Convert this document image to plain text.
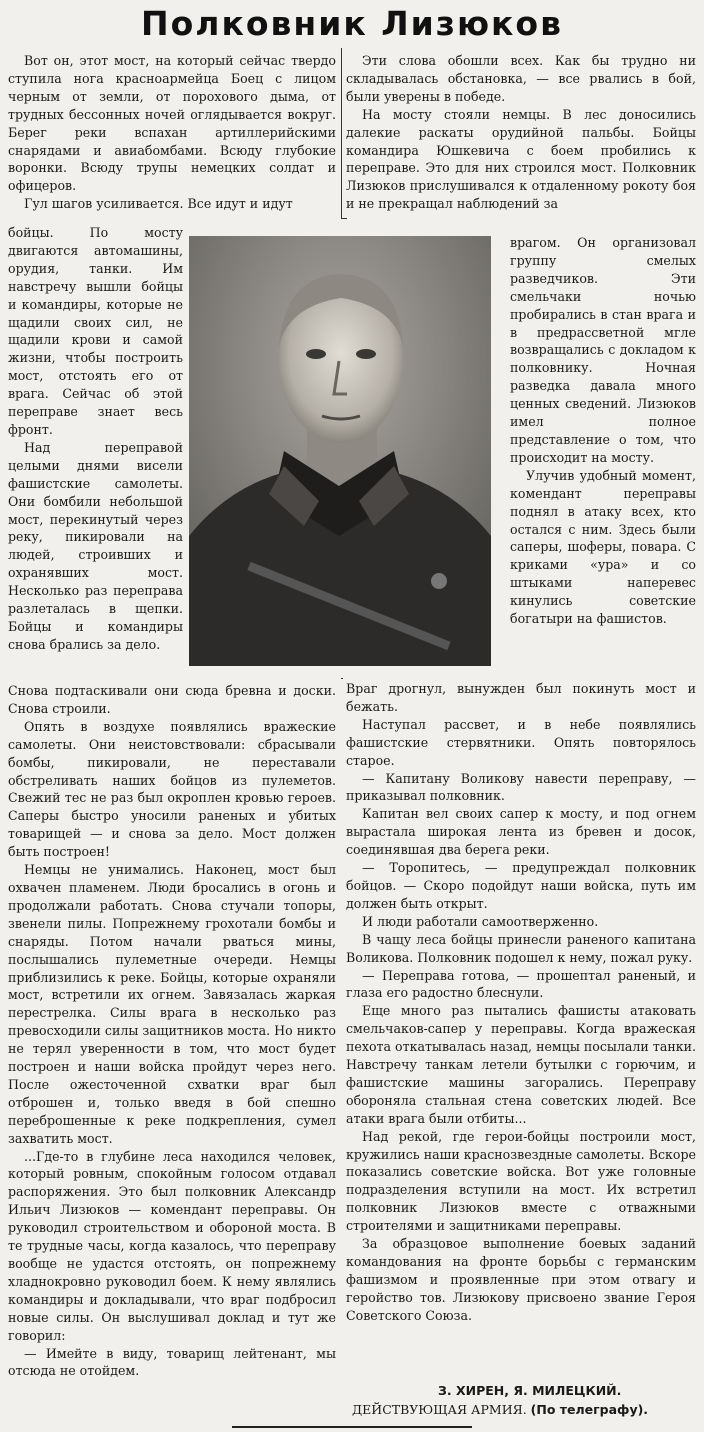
Полковник Лизюков

Вот он, этот мост, на который сейчас твердо ступила нога красноармейца Боец с лицом черным от земли, от порохового дыма, от трудных бессонных ночей оглядывается вокруг. Берег реки вспахан артиллерийскими снарядами и авиабомбами. Всюду глубокие воронки. Всюду трупы немецких солдат и офицеров.

Гул шагов усиливается. Все идут и идут

бойцы. По мосту двигаются автомашины, орудия, танки. Им навстречу вышли бойцы и командиры, которые не щадили своих сил, не щадили крови и самой жизни, чтобы построить мост, отстоять его от врага. Сейчас об этой переправе знает весь фронт.

Над переправой целыми днями висели фашистские самолеты. Они бомбили небольшой мост, перекинутый через реку, пикировали на людей, строивших и охранявших мост. Несколько раз переправа разлеталась в щепки. Бойцы и командиры снова брались за дело.

Снова подтаскивали они сюда бревна и доски. Снова строили.

Опять в воздухе появлялись вражеские самолеты. Они неистовствовали: сбрасывали бомбы, пикировали, не переставали обстреливать наших бойцов из пулеметов. Свежий тес не раз был окроплен кровью героев. Саперы быстро уносили раненых и убитых товарищей — и снова за дело. Мост должен быть построен!

Немцы не унимались. Наконец, мост был охвачен пламенем. Люди бросались в огонь и продолжали работать. Снова стучали топоры, звенели пилы. Попрежнему грохотали бомбы и снаряды. Потом начали рваться мины, послышались пулеметные очереди. Немцы приблизились к реке. Бойцы, которые охраняли мост, встретили их огнем. Завязалась жаркая перестрелка. Силы врага в несколько раз превосходили силы защитников моста. Но никто не терял уверенности в том, что мост будет построен и наши войска пройдут через него. После ожесточенной схватки враг был отброшен и, только введя в бой спешно переброшенные к реке подкрепления, сумел захватить мост.

...Где-то в глубине леса находился человек, который ровным, спокойным голосом отдавал распоряжения. Это был полковник Александр Ильич Лизюков — комендант переправы. Он руководил строительством и обороной моста. В те трудные часы, когда казалось, что переправу вообще не удастся отстоять, он попрежнему хладнокровно руководил боем. К нему являлись командиры и докладывали, что враг подбросил новые силы. Он выслушивал доклад и тут же говорил:

— Имейте в виду, товарищ лейтенант, мы отсюда не отойдем.

Эти слова обошли всех. Как бы трудно ни складывалась обстановка, — все рвались в бой, были уверены в победе.

На мосту стояли немцы. В лес доносились далекие раскаты орудийной пальбы. Бойцы командира Юшкевича с боем пробились к переправе. Это для них строился мост. Полковник Лизюков прислушивался к отдаленному рокоту боя и не прекращал наблюдений за

врагом. Он организовал группу смелых разведчиков. Эти смельчаки ночью пробирались в стан врага и в предрассветной мгле возвращались с докладом к полковнику. Ночная разведка давала много ценных сведений. Лизюков имел полное представление о том, что происходит на мосту.

Улучив удобный момент, комендант переправы поднял в атаку всех, кто остался с ним. Здесь были саперы, шоферы, повара. С криками «ура» и со штыками наперевес кинулись советские богатыри на фашистов.

Враг дрогнул, вынужден был покинуть мост и бежать.

Наступал рассвет, и в небе появлялись фашистские стервятники. Опять повторялось старое.

— Капитану Воликову навести переправу, — приказывал полковник.

Капитан вел своих сапер к мосту, и под огнем вырастала широкая лента из бревен и досок, соединявшая два берега реки.

— Торопитесь, — предупреждал полковник бойцов. — Скоро подойдут наши войска, путь им должен быть открыт.

И люди работали самоотверженно.

В чащу леса бойцы принесли раненого капитана Воликова. Полковник подошел к нему, пожал руку.

— Переправа готова, — прошептал раненый, и глаза его радостно блеснули.

Еще много раз пытались фашисты атаковать смельчаков-сапер у переправы. Когда вражеская пехота откатывалась назад, немцы посылали танки. Навстречу танкам летели бутылки с горючим, и фашистские машины загорались. Переправу обороняла стальная стена советских людей. Все атаки врага были отбиты...

Над рекой, где герои-бойцы построили мост, кружились наши краснозвездные самолеты. Вскоре показались советские войска. Вот уже головные подразделения вступили на мост. Их встретил полковник Лизюков вместе с отважными строителями и защитниками переправы.

За образцовое выполнение боевых заданий командования на фронте борьбы с германским фашизмом и проявленные при этом отвагу и геройство тов. Лизюкову присвоено звание Героя Советского Союза.

З. ХИРЕН, Я. МИЛЕЦКИЙ.
ДЕЙСТВУЮЩАЯ АРМИЯ. (По телеграфу).
